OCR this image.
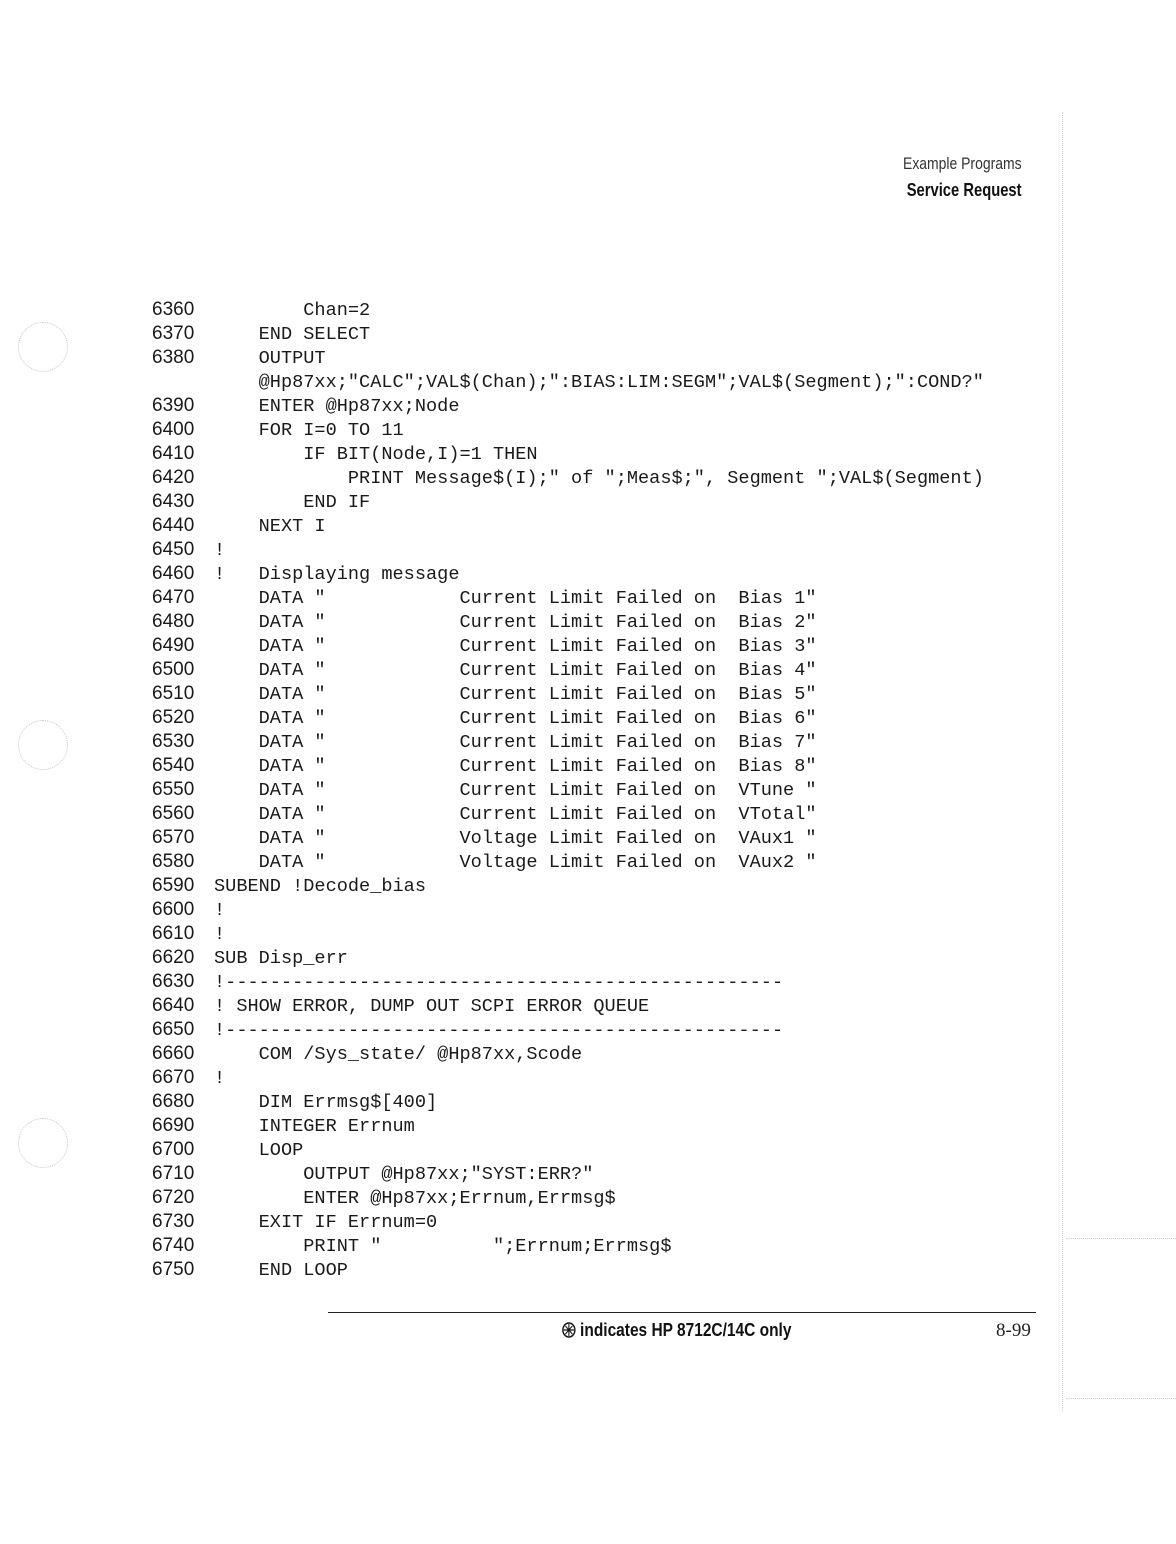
Example Programs
Service Request
6360        Chan=2
6370    END SELECT
6380    OUTPUT
@Hp87xx;"CALC";VAL$(Chan);":BIAS:LIM:SEGM";VAL$(Segment);":COND?"
6390    ENTER @Hp87xx;Node
6400    FOR I=0 TO 11
6410        IF BIT(Node,I)=1 THEN
6420            PRINT Message$(I);" of ";Meas$;", Segment ";VAL$(Segment)
6430        END IF
6440    NEXT I
6450 !
6460 !   Displaying message
6470    DATA "            Current Limit Failed on  Bias 1"
6480    DATA "            Current Limit Failed on  Bias 2"
6490    DATA "            Current Limit Failed on  Bias 3"
6500    DATA "            Current Limit Failed on  Bias 4"
6510    DATA "            Current Limit Failed on  Bias 5"
6520    DATA "            Current Limit Failed on  Bias 6"
6530    DATA "            Current Limit Failed on  Bias 7"
6540    DATA "            Current Limit Failed on  Bias 8"
6550    DATA "            Current Limit Failed on  VTune "
6560    DATA "            Current Limit Failed on  VTotal"
6570    DATA "            Voltage Limit Failed on  VAux1 "
6580    DATA "            Voltage Limit Failed on  VAux2 "
6590 SUBEND !Decode_bias
6600 !
6610 !
6620 SUB Disp_err
6630 !--------------------------------------------------
6640 ! SHOW ERROR, DUMP OUT SCPI ERROR QUEUE
6650 !--------------------------------------------------
6660    COM /Sys_state/ @Hp87xx,Scode
6670 !
6680    DIM Errmsg$[400]
6690    INTEGER Errnum
6700    LOOP
6710        OUTPUT @Hp87xx;"SYST:ERR?"
6720        ENTER @Hp87xx;Errnum,Errmsg$
6730    EXIT IF Errnum=0
6740        PRINT "          ";Errnum;Errmsg$
6750    END LOOP
indicates HP 8712C/14C only	8-99
